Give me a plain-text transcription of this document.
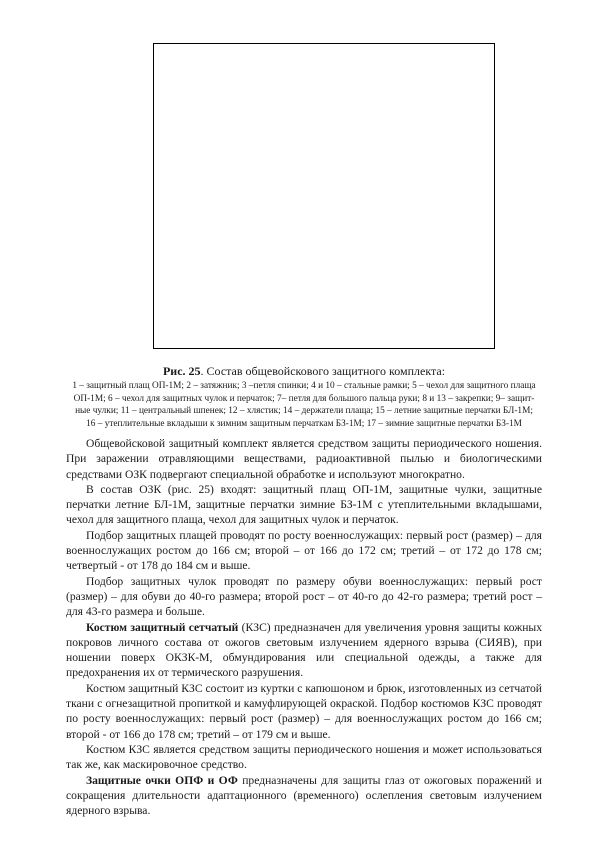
Рис. 25. Состав общевойскового защитного комплекта:
1 – защитный плащ ОП-1М; 2 – затяжник; 3 –петля спинки; 4 и 10 – стальные рамки; 5 – чехол для защитного плаща
ОП-1М; 6 – чехол для защитных чулок и перчаток; 7– петля для большого пальца руки; 8 и 13 – закрепки; 9– защит-
ные чулки; 11 – центральный шпенек; 12 – хлястик; 14 – держатели плаща; 15 – летние защитные перчатки БЛ-1М;
16 – утеплительные вкладыши к зимним защитным перчаткам БЗ-1М; 17 – зимние защитные перчатки БЗ-1М

Общевойсковой защитный комплект является средством защиты периодического ношения. При заражении отравляющими веществами, радиоактивной пылью и биологическими средствами ОЗК подвергают специальной обработке и используют многократно.

В состав ОЗК (рис. 25) входят: защитный плащ ОП-1М, защитные чулки, защитные перчатки летние БЛ-1М, защитные перчатки зимние БЗ-1М с утеплительными вкладышами, чехол для защитного плаща, чехол для защитных чулок и перчаток.

Подбор защитных плащей проводят по росту военнослужащих: первый рост (размер) – для военнослужащих ростом до 166 см; второй – от 166 до 172 см; третий – от 172 до 178 см; четвертый - от 178 до 184 см и выше.

Подбор защитных чулок проводят по размеру обуви военнослужащих: первый рост (размер) – для обуви до 40-го размера; второй рост – от 40-го до 42-го размера; третий рост – для 43-го размера и больше.

Костюм защитный сетчатый (КЗС) предназначен для увеличения уровня защиты кожных покровов личного состава от ожогов световым излучением ядерного взрыва (СИЯВ), при ношении поверх ОКЗК-М, обмундирования или специальной одежды, а также для предохранения их от термического разрушения.

Костюм защитный КЗС состоит из куртки с капюшоном и брюк, изготовленных из сетчатой ткани с огнезащитной пропиткой и камуфлирующей окраской. Подбор костюмов КЗС проводят по росту военнослужащих: первый рост (размер) – для военнослужащих ростом до 166 см; второй - от 166 до 178 см; третий – от 179 см и выше.

Костюм КЗС является средством защиты периодического ношения и может использоваться так же, как маскировочное средство.

Защитные очки ОПФ и ОФ предназначены для защиты глаз от ожоговых поражений и сокращения длительности адаптационного (временного) ослепления световым излучением ядерного взрыва.
